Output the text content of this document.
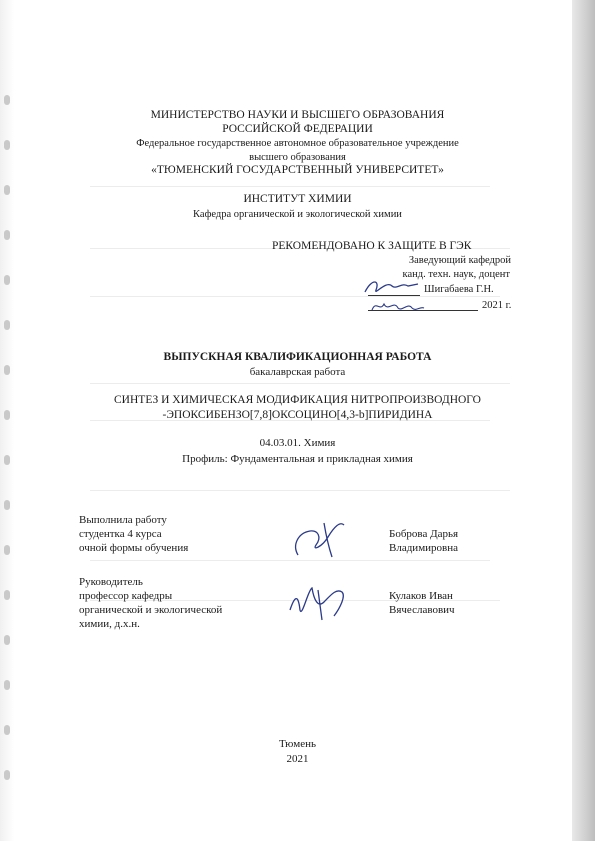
МИНИСТЕРСТВО НАУКИ И ВЫСШЕГО ОБРАЗОВАНИЯ
РОССИЙСКОЙ ФЕДЕРАЦИИ
Федеральное государственное автономное образовательное учреждение
высшего образования
«ТЮМЕНСКИЙ ГОСУДАРСТВЕННЫЙ УНИВЕРСИТЕТ»
ИНСТИТУТ ХИМИИ
Кафедра органической и экологической химии
РЕКОМЕНДОВАНО К ЗАЩИТЕ В ГЭК
Заведующий кафедрой
канд. техн. наук, доцент
Шигабаева Г.Н.
2021 г.
ВЫПУСКНАЯ КВАЛИФИКАЦИОННАЯ РАБОТА
бакалаврская работа
СИНТЕЗ И ХИМИЧЕСКАЯ МОДИФИКАЦИЯ НИТРОПРОИЗВОДНОГО
-ЭПОКСИБЕНЗО[7,8]ОКСОЦИНО[4,3-b]ПИРИДИНА
04.03.01. Химия
Профиль: Фундаментальная и прикладная химия
Выполнила работу
студентка 4 курса
очной формы обучения
Боброва Дарья
Владимировна
Руководитель
профессор кафедры
органической и экологической
химии, д.х.н.
Кулаков Иван
Вячеславович
Тюмень
2021
